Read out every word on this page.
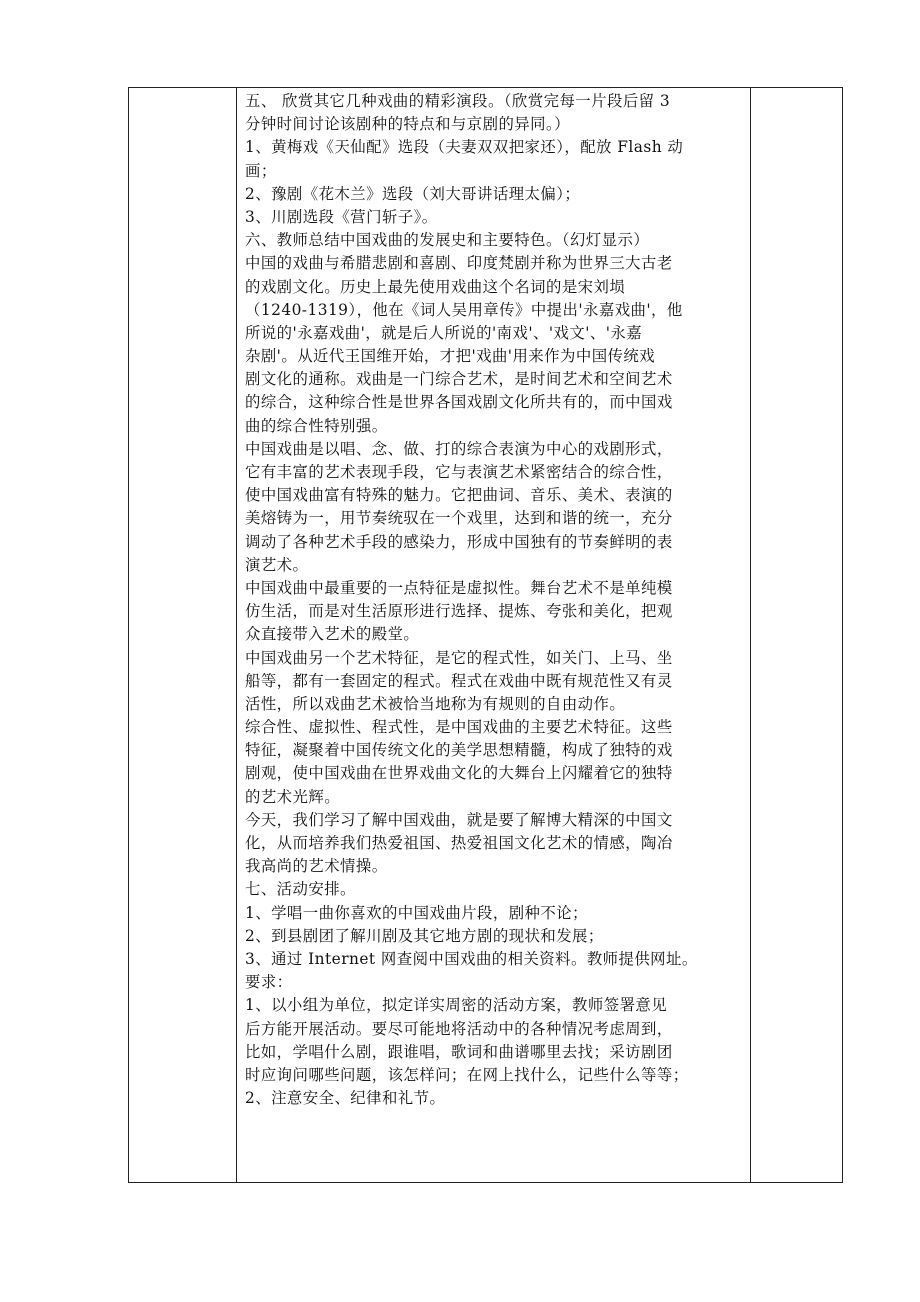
五、 欣赏其它几种戏曲的精彩演段。（欣赏完每一片段后留 3
分钟时间讨论该剧种的特点和与京剧的异同。）
1、黄梅戏《天仙配》选段（夫妻双双把家还），配放 Flash 动
画；
2、豫剧《花木兰》选段（刘大哥讲话理太偏）；
3、川剧选段《营门斩子》。
六、教师总结中国戏曲的发展史和主要特色。（幻灯显示）
中国的戏曲与希腊悲剧和喜剧、印度梵剧并称为世界三大古老
的戏剧文化。历史上最先使用戏曲这个名词的是宋刘埙
（1240-1319），他在《词人吴用章传》中提出'永嘉戏曲'，他
所说的'永嘉戏曲'，就是后人所说的'南戏'、'戏文'、'永嘉
杂剧'。从近代王国维开始，才把'戏曲'用来作为中国传统戏
剧文化的通称。戏曲是一门综合艺术，是时间艺术和空间艺术
的综合，这种综合性是世界各国戏剧文化所共有的，而中国戏
曲的综合性特别强。
中国戏曲是以唱、念、做、打的综合表演为中心的戏剧形式，
它有丰富的艺术表现手段，它与表演艺术紧密结合的综合性，
使中国戏曲富有特殊的魅力。它把曲词、音乐、美术、表演的
美熔铸为一，用节奏统驭在一个戏里，达到和谐的统一，充分
调动了各种艺术手段的感染力，形成中国独有的节奏鲜明的表
演艺术。
中国戏曲中最重要的一点特征是虚拟性。舞台艺术不是单纯模
仿生活，而是对生活原形进行选择、提炼、夸张和美化，把观
众直接带入艺术的殿堂。
中国戏曲另一个艺术特征，是它的程式性，如关门、上马、坐
船等，都有一套固定的程式。程式在戏曲中既有规范性又有灵
活性，所以戏曲艺术被恰当地称为有规则的自由动作。
综合性、虚拟性、程式性，是中国戏曲的主要艺术特征。这些
特征，凝聚着中国传统文化的美学思想精髓，构成了独特的戏
剧观，使中国戏曲在世界戏曲文化的大舞台上闪耀着它的独特
的艺术光辉。
今天，我们学习了解中国戏曲，就是要了解博大精深的中国文
化，从而培养我们热爱祖国、热爱祖国文化艺术的情感，陶冶
我高尚的艺术情操。
七、活动安排。
1、学唱一曲你喜欢的中国戏曲片段，剧种不论；
2、到县剧团了解川剧及其它地方剧的现状和发展；
3、通过 Internet 网查阅中国戏曲的相关资料。教师提供网址。
要求：
1、以小组为单位，拟定详实周密的活动方案，教师签署意见
后方能开展活动。要尽可能地将活动中的各种情况考虑周到，
比如，学唱什么剧，跟谁唱，歌词和曲谱哪里去找；采访剧团
时应询问哪些问题，该怎样问；在网上找什么，记些什么等等；
2、注意安全、纪律和礼节。
